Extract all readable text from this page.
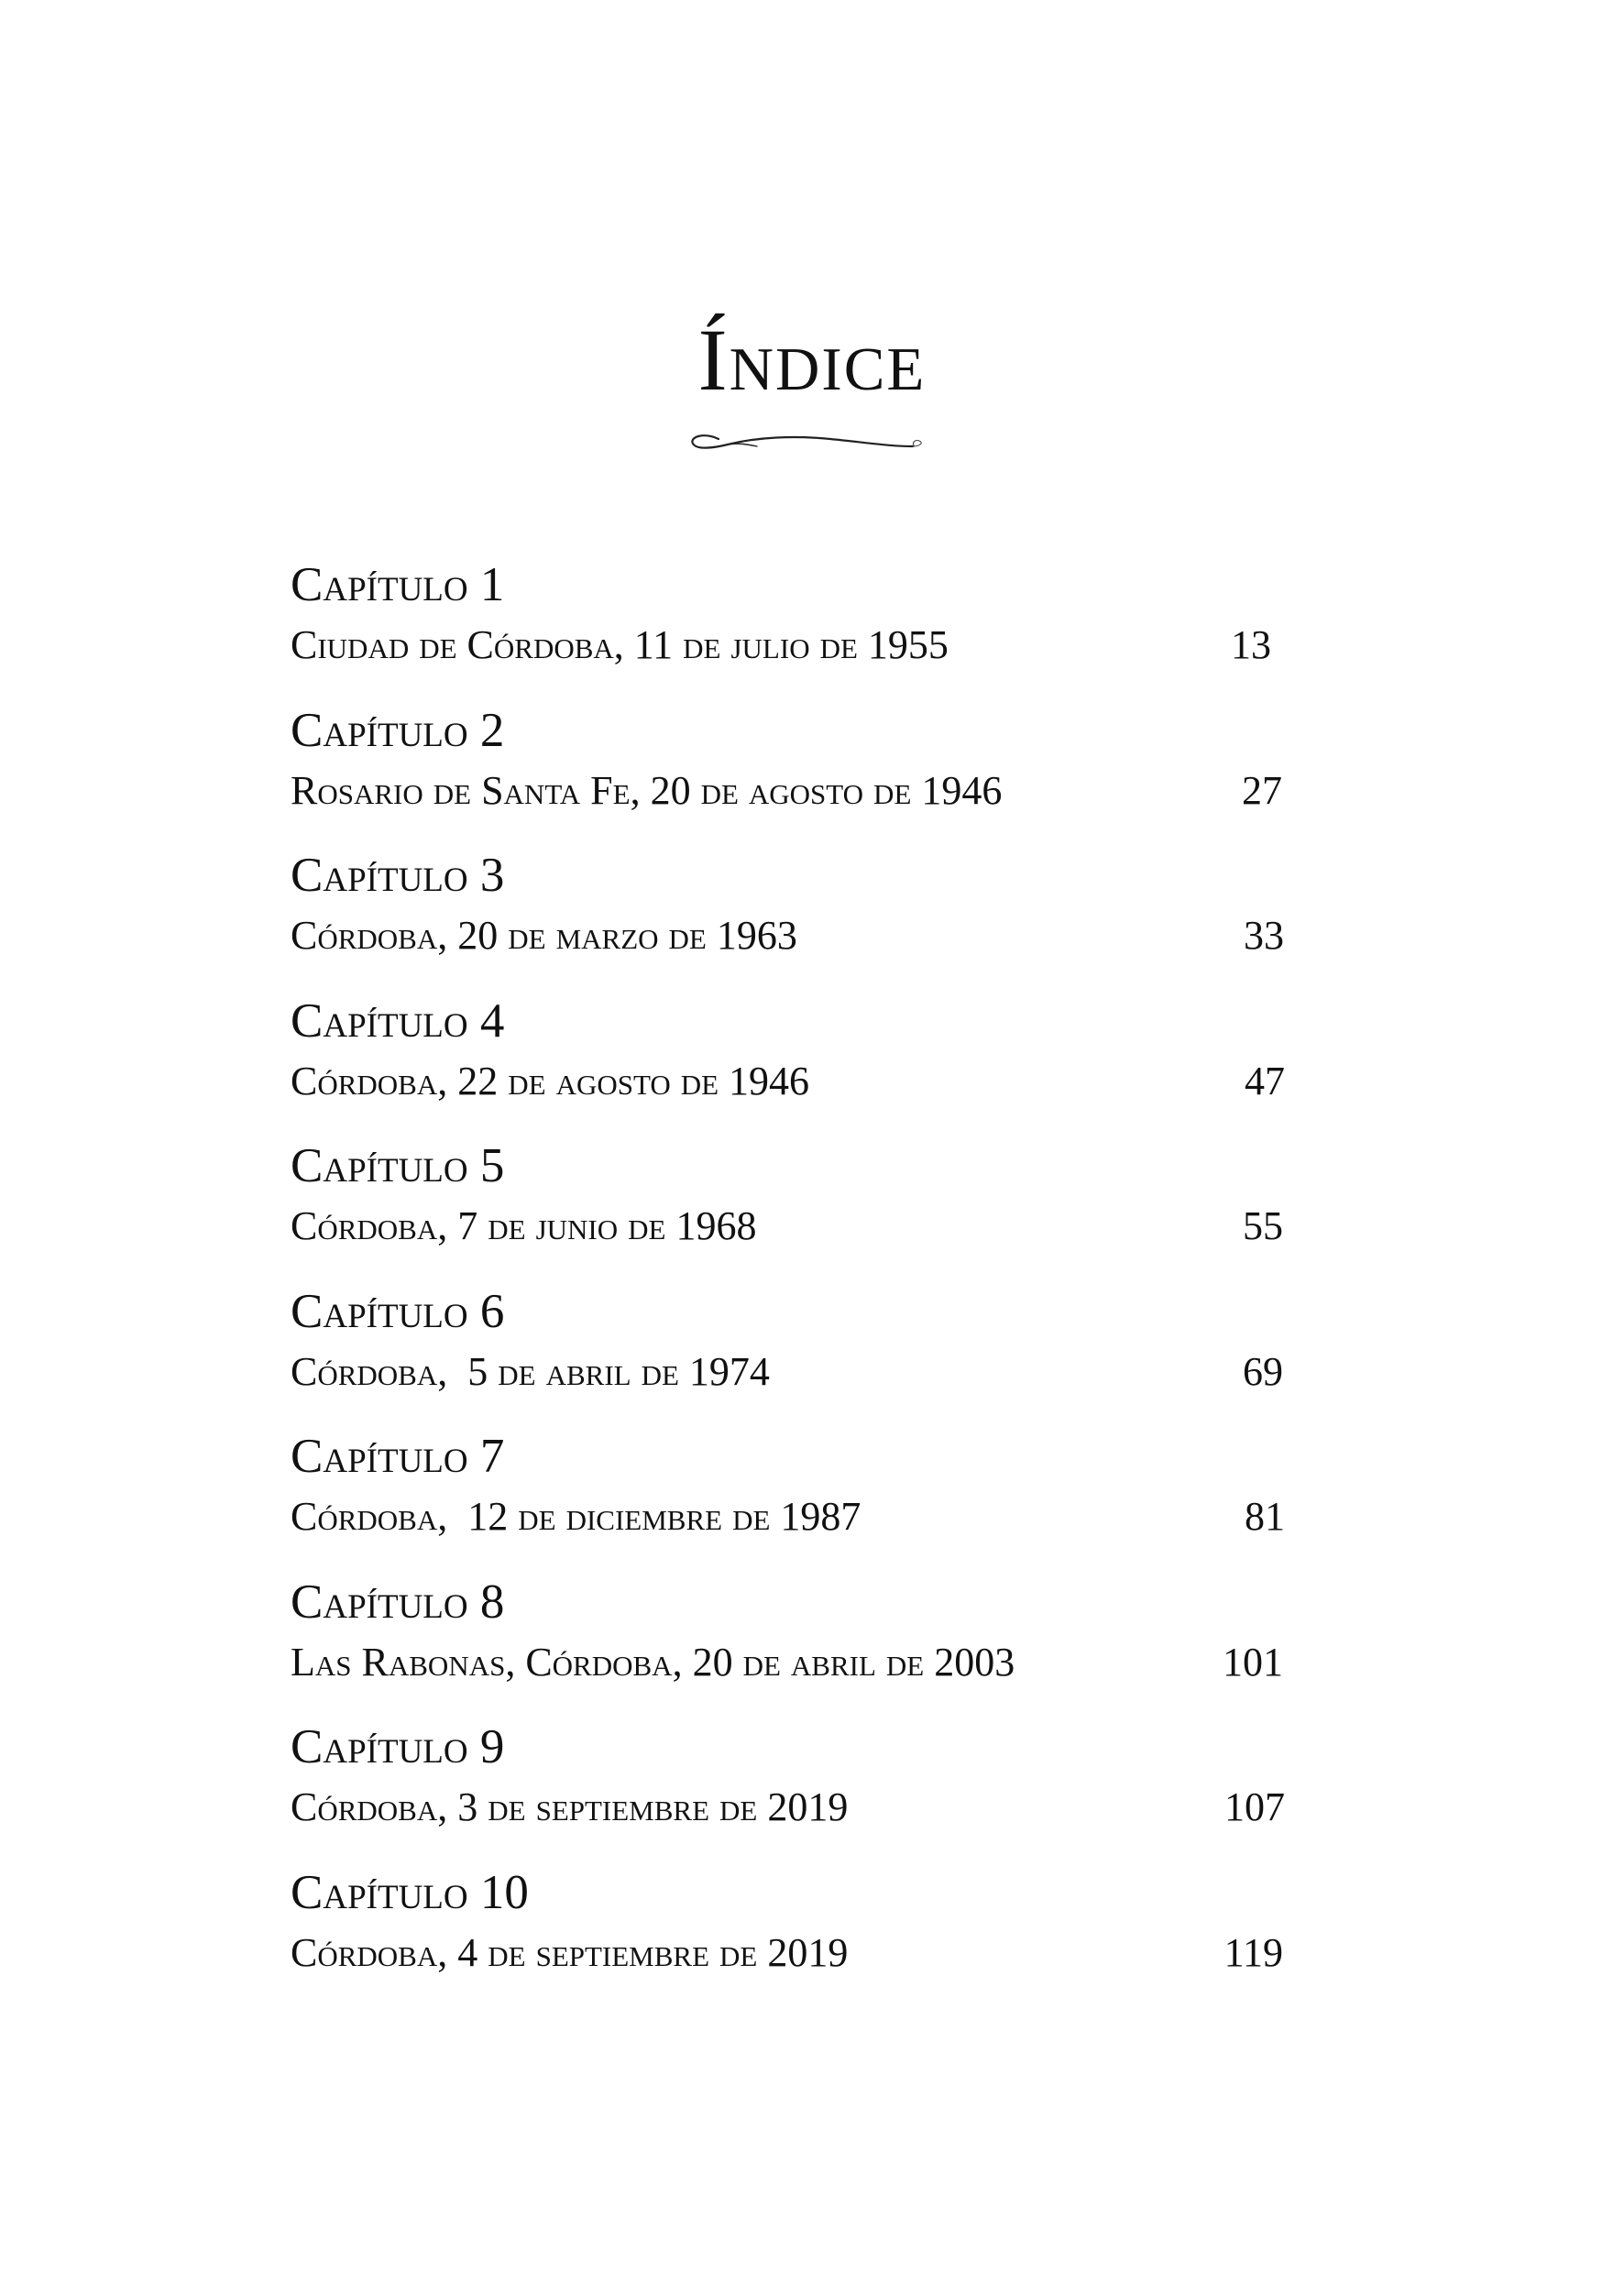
Índice
Capítulo 1
Ciudad de Córdoba, 11 de julio de 1955	13
Capítulo 2
Rosario de Santa Fe, 20 de agosto de 1946	27
Capítulo 3
Córdoba, 20 de marzo de 1963	33
Capítulo 4
Córdoba, 22 de agosto de 1946	47
Capítulo 5
Córdoba, 7 de junio de 1968	55
Capítulo 6
Córdoba,  5 de abril de 1974	69
Capítulo 7
Córdoba,  12 de diciembre de 1987	81
Capítulo 8
Las Rabonas, Córdoba, 20 de abril de 2003	101
Capítulo 9
Córdoba, 3 de septiembre de 2019	107
Capítulo 10
Córdoba, 4 de septiembre de 2019	119
